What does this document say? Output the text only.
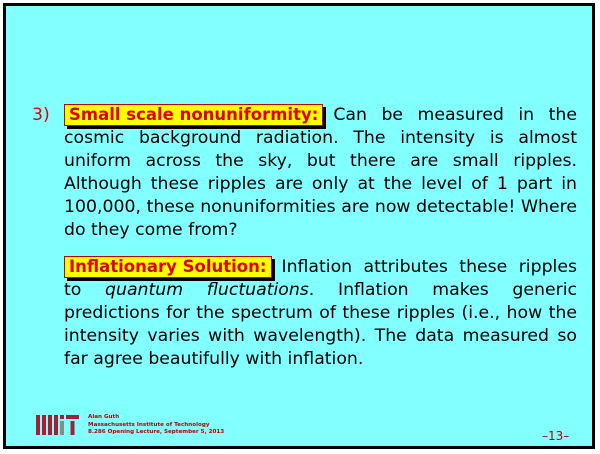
3)	Small scale nonuniformity: Can be measured in the cosmic background radiation. The intensity is almost uniform across the sky, but there are small ripples. Although these ripples are only at the level of 1 part in 100,000, these nonuniformities are now detectable! Where do they come from?
Inflationary Solution: Inflation attributes these ripples to quantum fluctuations. Inflation makes generic predictions for the spectrum of these ripples (i.e., how the intensity varies with wavelength). The data measured so far agree beautifully with inflation.
Alan Guth
Massachusetts Institute of Technology
8.286 Opening Lecture, September 5, 2013	–13–
